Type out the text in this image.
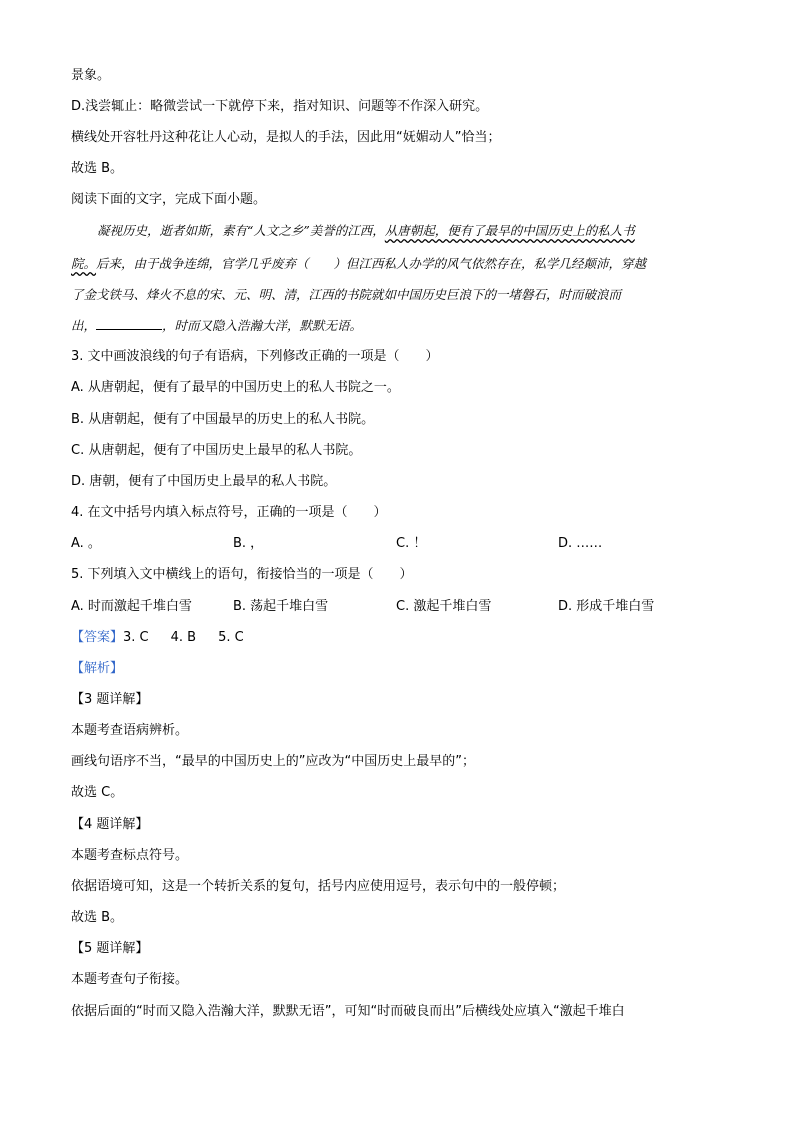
景象。
D.浅尝辄止：略微尝试一下就停下来，指对知识、问题等不作深入研究。
横线处开容牡丹这种花让人心动，是拟人的手法，因此用“妩媚动人”恰当；
故选 B。
阅读下面的文字，完成下面小题。
凝视历史，逝者如斯，素有“人文之乡”美誉的江西，从唐朝起，便有了最早的中国历史上的私人书
院。后来，由于战争连绵，官学几乎废弃（　　）但江西私人办学的风气依然存在，私学几经颠沛，穿越
了金戈铁马、烽火不息的宋、元、明、清，江西的书院就如中国历史巨浪下的一堵磐石，时而破浪而
出，	，时而又隐入浩瀚大洋，默默无语。
3. 文中画波浪线的句子有语病，下列修改正确的一项是（　　）
A. 从唐朝起，便有了最早的中国历史上的私人书院之一。
B. 从唐朝起，便有了中国最早的历史上的私人书院。
C. 从唐朝起，便有了中国历史上最早的私人书院。
D. 唐朝，便有了中国历史上最早的私人书院。
4. 在文中括号内填入标点符号，正确的一项是（　　）
A. 。	B. ，	C. ！	D. ……
5. 下列填入文中横线上的语句，衔接恰当的一项是（　　）
A. 时而激起千堆白雪	B. 荡起千堆白雪	C. 激起千堆白雪	D. 形成千堆白雪
【答案】3. C 4. B 5. C
【解析】
【3 题详解】
本题考查语病辨析。
画线句语序不当，“最早的中国历史上的”应改为“中国历史上最早的”；
故选 C。
【4 题详解】
本题考查标点符号。
依据语境可知，这是一个转折关系的复句，括号内应使用逗号，表示句中的一般停顿；
故选 B。
【5 题详解】
本题考查句子衔接。
依据后面的“时而又隐入浩瀚大洋，默默无语”，可知“时而破良而出”后横线处应填入“激起千堆白
